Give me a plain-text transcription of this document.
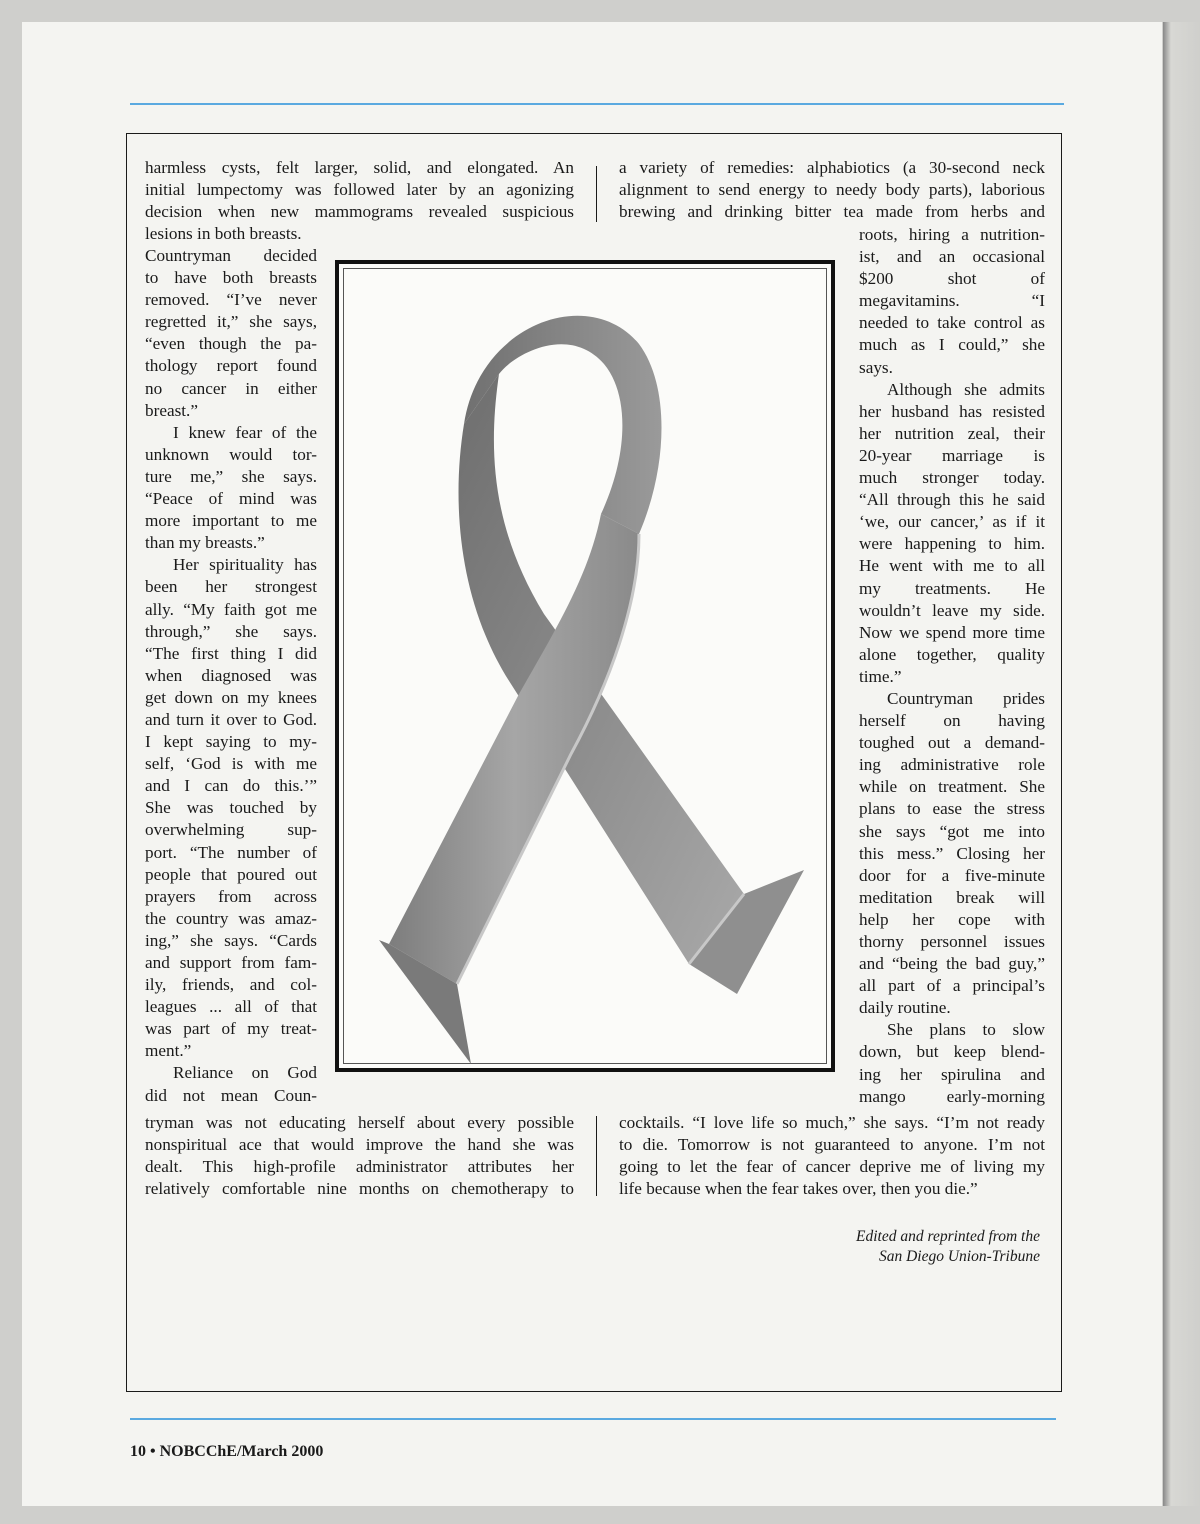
harmless cysts, felt larger, solid, and elongated. An
initial lumpectomy was followed later by an agonizing
decision when new mammograms revealed suspicious
lesions in both breasts.
Countryman decided
to have both breasts
removed. “I’ve never
regretted it,” she says,
“even though the pa-
thology report found
no cancer in either
breast.”
I knew fear of the
unknown would tor-
ture me,” she says.
“Peace of mind was
more important to me
than my breasts.”
Her spirituality has
been her strongest
ally. “My faith got me
through,” she says.
“The first thing I did
when diagnosed was
get down on my knees
and turn it over to God.
I kept saying to my-
self, ‘God is with me
and I can do this.’”
She was touched by
overwhelming sup-
port. “The number of
people that poured out
prayers from across
the country was amaz-
ing,” she says. “Cards
and support from fam-
ily, friends, and col-
leagues ... all of that
was part of my treat-
ment.”
Reliance on God
did not mean Coun-
tryman was not educating herself about every possible
nonspiritual ace that would improve the hand she was
dealt. This high-profile administrator attributes her
relatively comfortable nine months on chemotherapy to
a variety of remedies: alphabiotics (a 30-second neck
alignment to send energy to needy body parts), laborious
brewing and drinking bitter tea made from herbs and
roots, hiring a nutrition-
ist, and an occasional
$200 shot of
megavitamins. “I
needed to take control as
much as I could,” she
says.
Although she admits
her husband has resisted
her nutrition zeal, their
20-year marriage is
much stronger today.
“All through this he said
‘we, our cancer,’ as if it
were happening to him.
He went with me to all
my treatments. He
wouldn’t leave my side.
Now we spend more time
alone together, quality
time.”
Countryman prides
herself on having
toughed out a demand-
ing administrative role
while on treatment. She
plans to ease the stress
she says “got me into
this mess.” Closing her
door for a five-minute
meditation break will
help her cope with
thorny personnel issues
and “being the bad guy,”
all part of a principal’s
daily routine.
She plans to slow
down, but keep blend-
ing her spirulina and
mango early-morning
cocktails. “I love life so much,” she says. “I’m not ready
to die. Tomorrow is not guaranteed to anyone. I’m not
going to let the fear of cancer deprive me of living my
life because when the fear takes over, then you die.”
Edited and reprinted from the
San Diego Union-Tribune
10 • NOBCChE/March 2000
